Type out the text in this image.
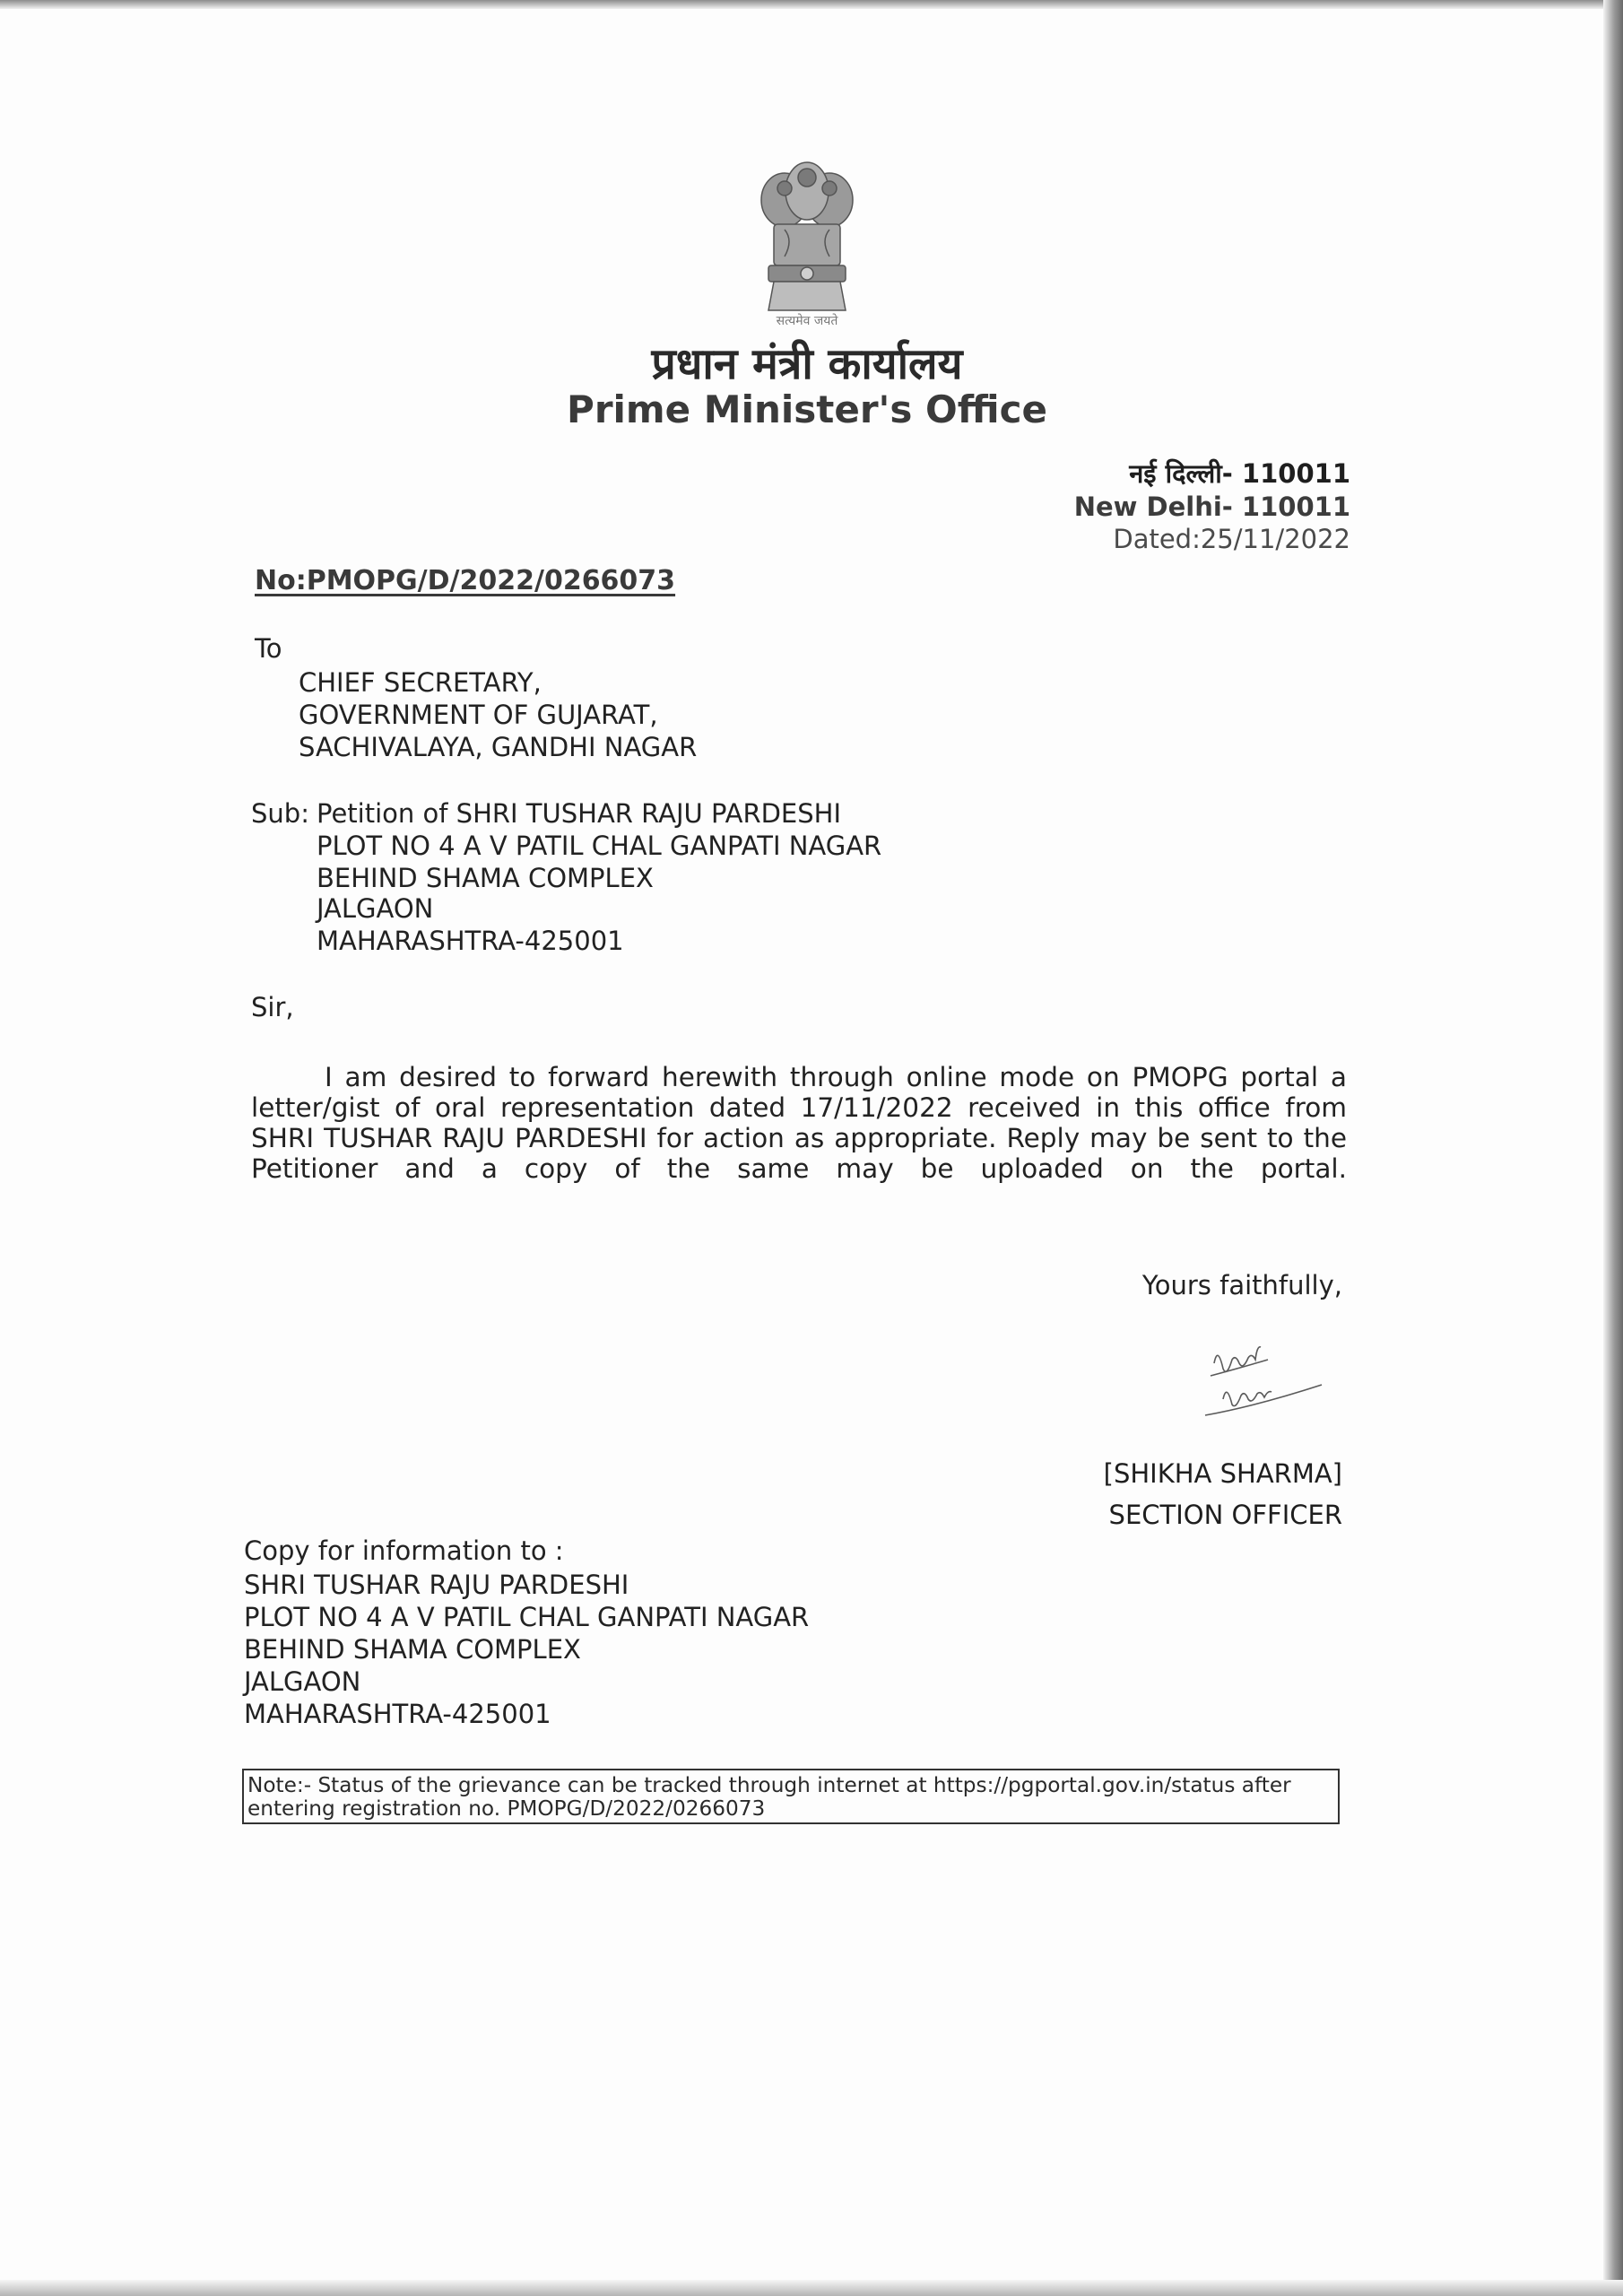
सत्यमेव जयते
प्रधान मंत्री कार्यालय
Prime Minister's Office
नई दिल्ली- 110011
New Delhi- 110011
Dated:25/11/2022
No:PMOPG/D/2022/0266073
To
CHIEF SECRETARY,
GOVERNMENT OF GUJARAT,
SACHIVALAYA, GANDHI NAGAR
Sub: Petition of SHRI TUSHAR RAJU PARDESHI
PLOT NO 4 A V PATIL CHAL GANPATI NAGAR
BEHIND SHAMA COMPLEX
JALGAON
MAHARASHTRA-425001
Sir,
I am desired to forward herewith through online mode on PMOPG portal a letter/gist of oral representation dated 17/11/2022 received in this office from SHRI TUSHAR RAJU PARDESHI for action as appropriate. Reply may be sent to the Petitioner and a copy of the same may be uploaded on the portal.
Yours faithfully,
[SHIKHA SHARMA]
SECTION OFFICER
Copy for information to :
SHRI TUSHAR RAJU PARDESHI
PLOT NO 4 A V PATIL CHAL GANPATI NAGAR
BEHIND SHAMA COMPLEX
JALGAON
MAHARASHTRA-425001
Note:- Status of the grievance can be tracked through internet at https://pgportal.gov.in/status after
entering registration no. PMOPG/D/2022/0266073
